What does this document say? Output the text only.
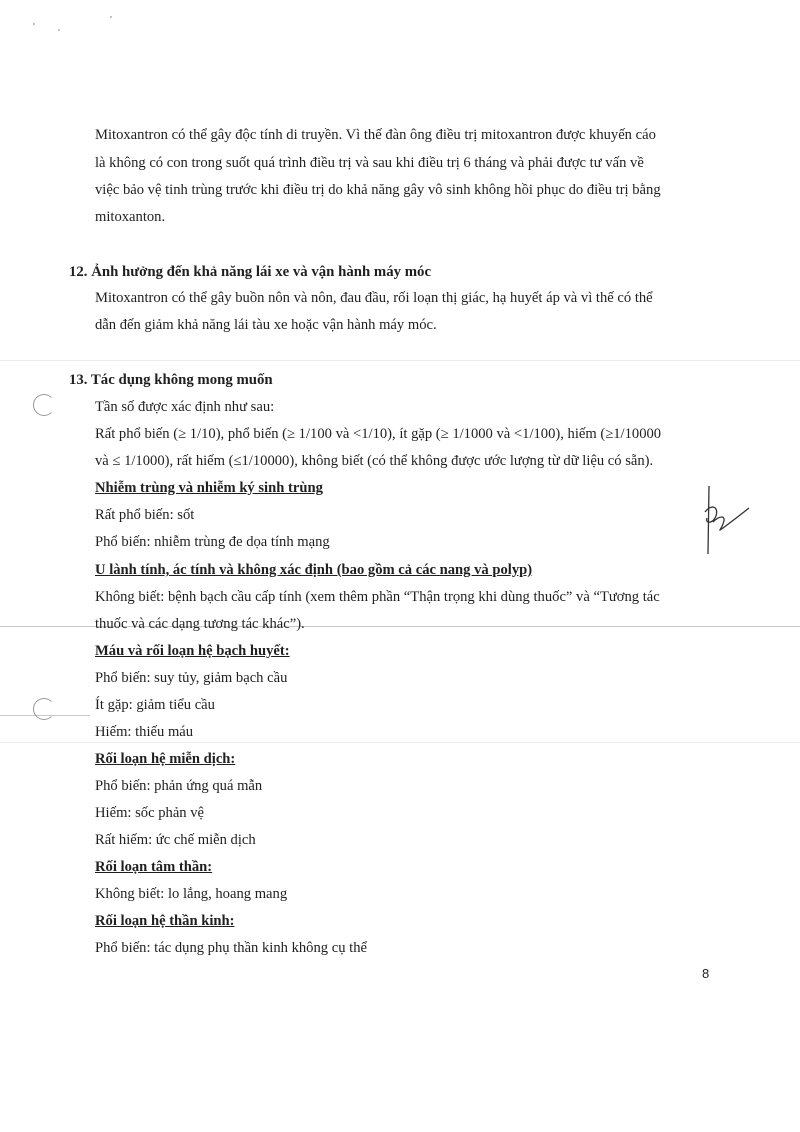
Mitoxantron có thể gây độc tính di truyền. Vì thế đàn ông điều trị mitoxantron được khuyến cáo
là không có con trong suốt quá trình điều trị và sau khi điều trị 6 tháng và phải được tư vấn về
việc bảo vệ tinh trùng trước khi điều trị do khả năng gây vô sinh không hồi phục do điều trị bằng
mitoxanton.
12. Ảnh hưởng đến khả năng lái xe và vận hành máy móc
Mitoxantron có thể gây buồn nôn và nôn, đau đầu, rối loạn thị giác, hạ huyết áp và vì thế có thể
dẫn đến giảm khả năng lái tàu xe hoặc vận hành máy móc.
13. Tác dụng không mong muốn
Tần số được xác định như sau:
Rất phổ biến (≥ 1/10), phổ biến (≥ 1/100 và <1/10), ít gặp (≥ 1/1000 và <1/100), hiếm (≥1/10000
và ≤ 1/1000), rất hiếm (≤1/10000), không biết (có thể không được ước lượng từ dữ liệu có sẵn).
Nhiễm trùng và nhiễm ký sinh trùng
Rất phổ biến: sốt
Phổ biến: nhiễm trùng đe dọa tính mạng
U lành tính, ác tính và không xác định (bao gồm cả các nang và polyp)
Không biết: bệnh bạch cầu cấp tính (xem thêm phần “Thận trọng khi dùng thuốc” và “Tương tác
thuốc và các dạng tương tác khác”).
Máu và rối loạn hệ bạch huyết:
Phổ biến: suy tủy, giảm bạch cầu
Ít gặp: giảm tiểu cầu
Hiếm: thiếu máu
Rối loạn hệ miễn dịch:
Phổ biến: phản ứng quá mẫn
Hiếm: sốc phản vệ
Rất hiếm: ức chế miễn dịch
Rối loạn tâm thần:
Không biết: lo lắng, hoang mang
Rối loạn hệ thần kinh:
Phổ biến: tác dụng phụ thần kinh không cụ thể
8
